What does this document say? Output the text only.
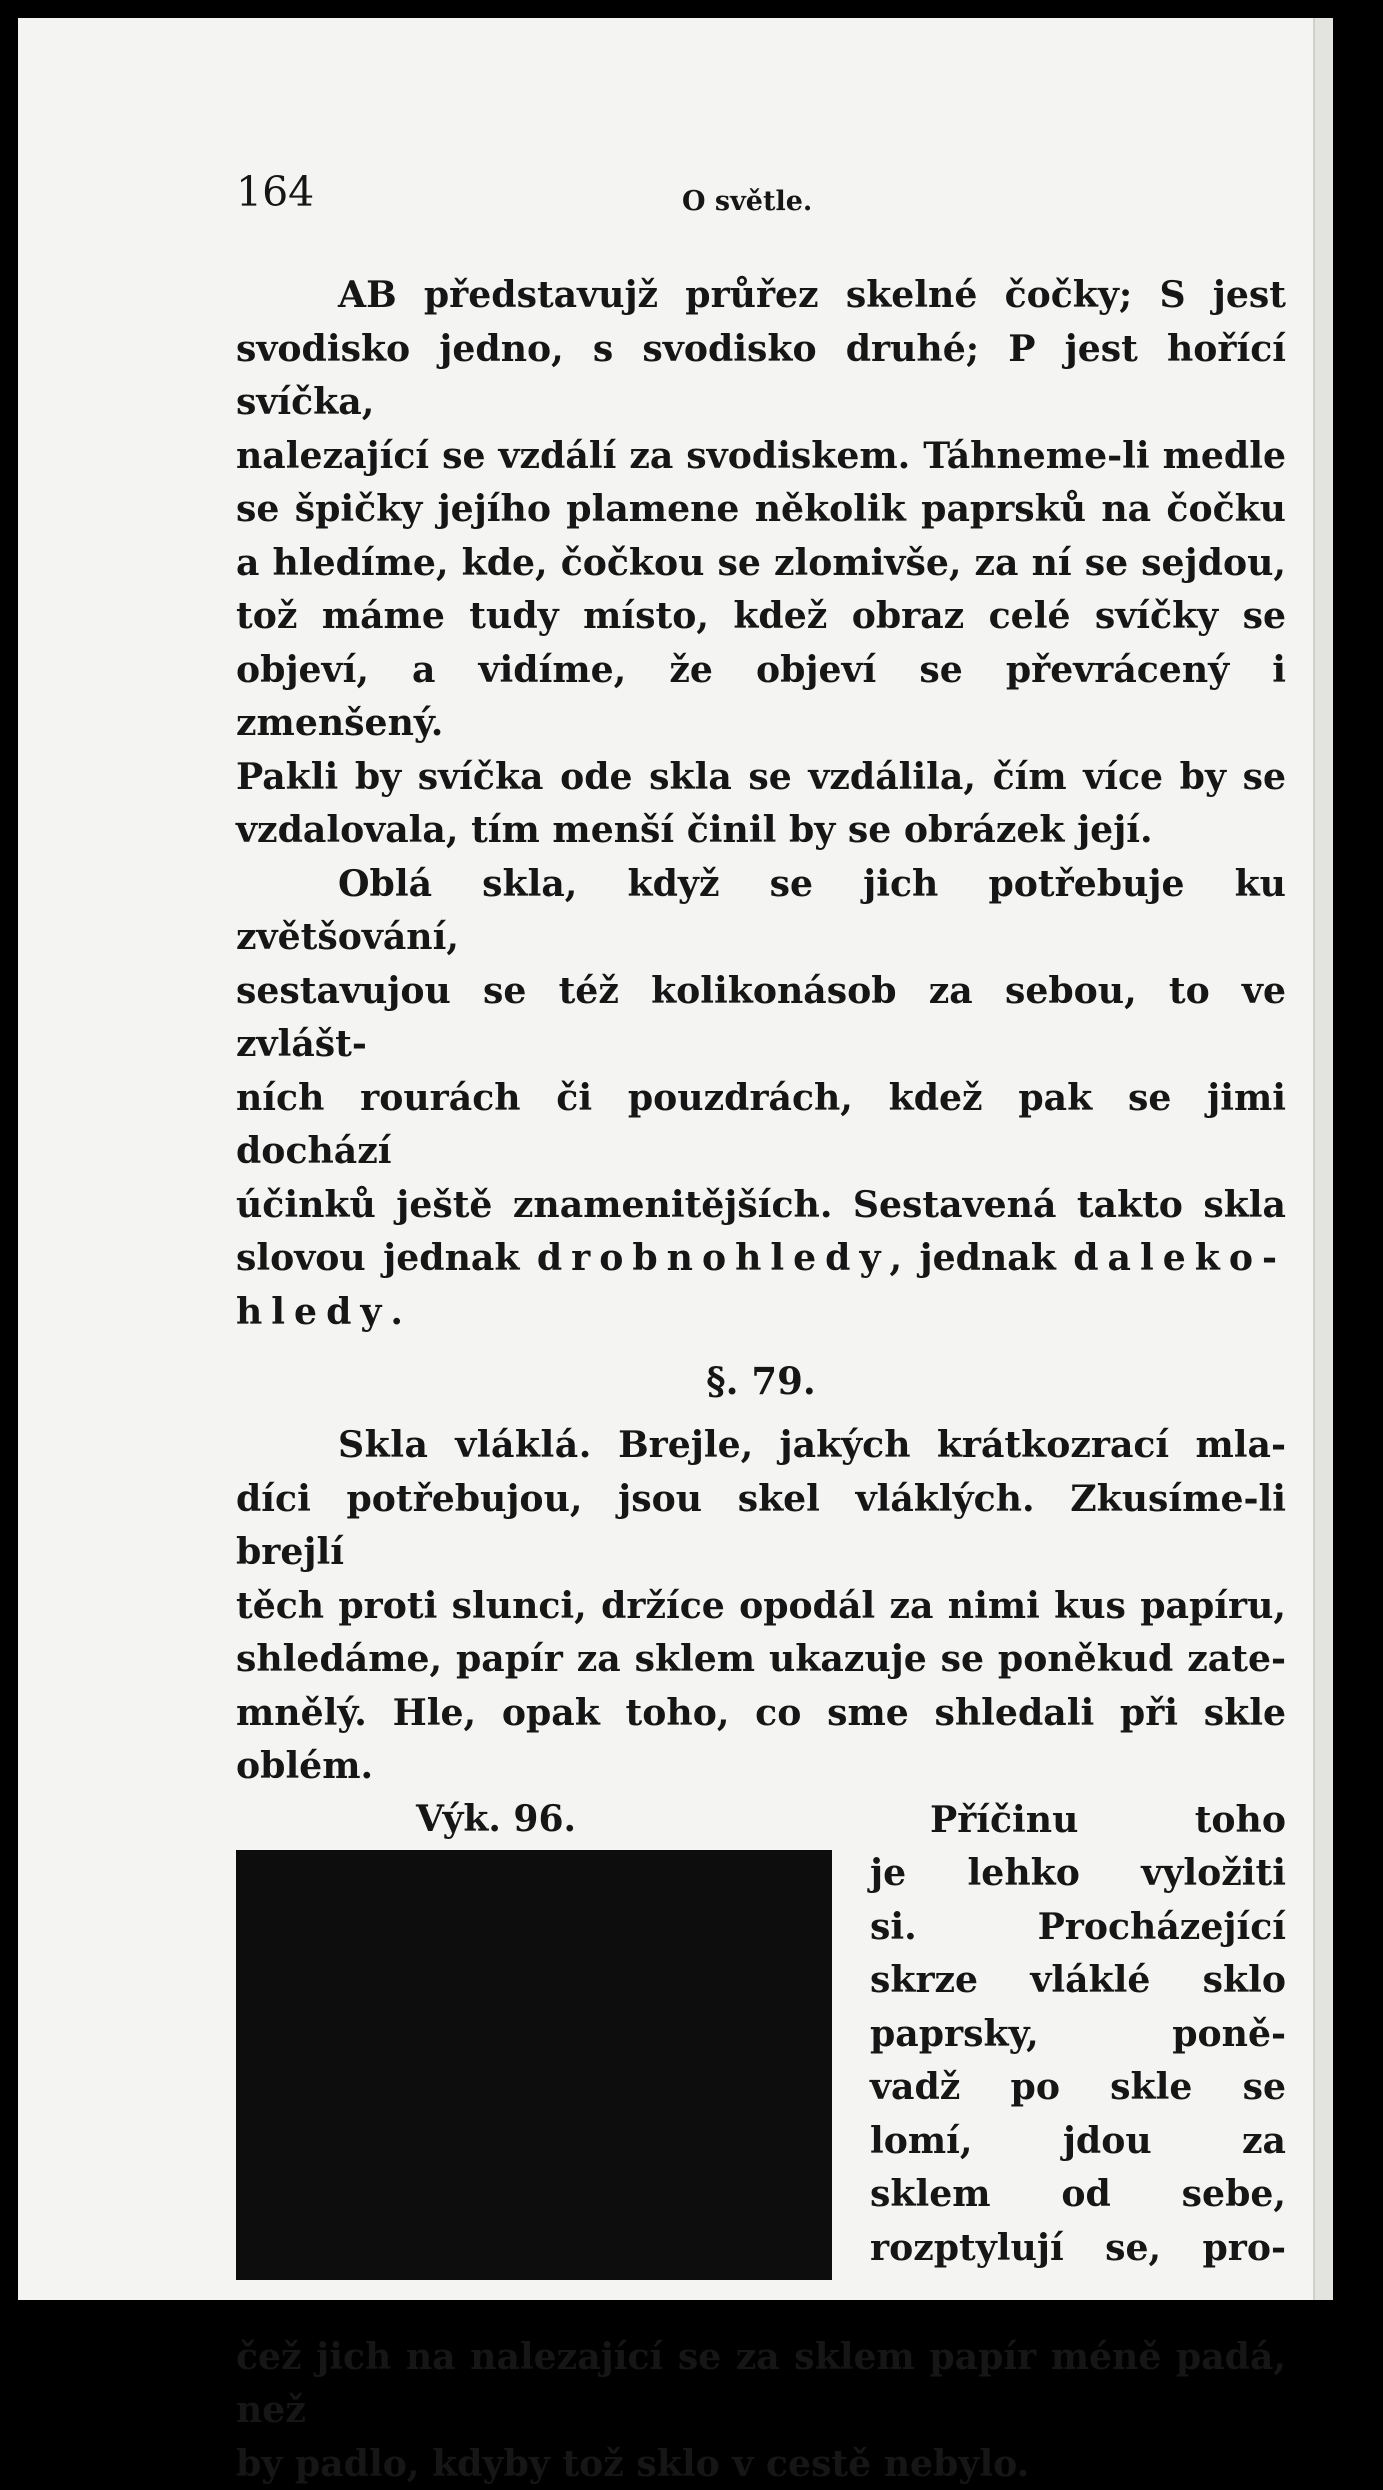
164	O světle.

AB představujž průřez skelné čočky; S jest

svodisko jedno, s svodisko druhé; P jest hořící svíčka,

nalezající se vzdálí za svodiskem. Táhneme-li medle

se špičky jejího plamene několik paprsků na čočku

a hledíme, kde, čočkou se zlomivše, za ní se sejdou,

tož máme tudy místo, kdež obraz celé svíčky se

objeví, a vidíme, že objeví se převrácený i zmenšený.

Pakli by svíčka ode skla se vzdálila, čím více by se

vzdalovala, tím menší činil by se obrázek její.

Oblá skla, když se jich potřebuje ku zvětšování,

sestavujou se též kolikonásob za sebou, to ve zvlášt-

ních rourách či pouzdrách, kdež pak se jimi dochází

účinků ještě znamenitějších. Sestavená takto skla

slovou jednak drobnohledy, jednak daleko-

hledy.

§. 79.

Skla vláklá. Brejle, jakých krátkozrací mla-

díci potřebujou, jsou skel vláklých. Zkusíme-li brejlí

těch proti slunci, držíce opodál za nimi kus papíru,

shledáme, papír za sklem ukazuje se poněkud zate-

mnělý. Hle, opak toho, co sme shledali při skle oblém.

Výk. 96.	Příčinu toho

je lehko vyložiti

si. Procházející

skrze vláklé sklo

paprsky, poně-

vadž po skle se

lomí, jdou za

sklem od sebe,

rozptylují se, pro-

čež jich na nalezající se za sklem papír méně padá, než

by padlo, kdyby tož sklo v cestě nebylo.
